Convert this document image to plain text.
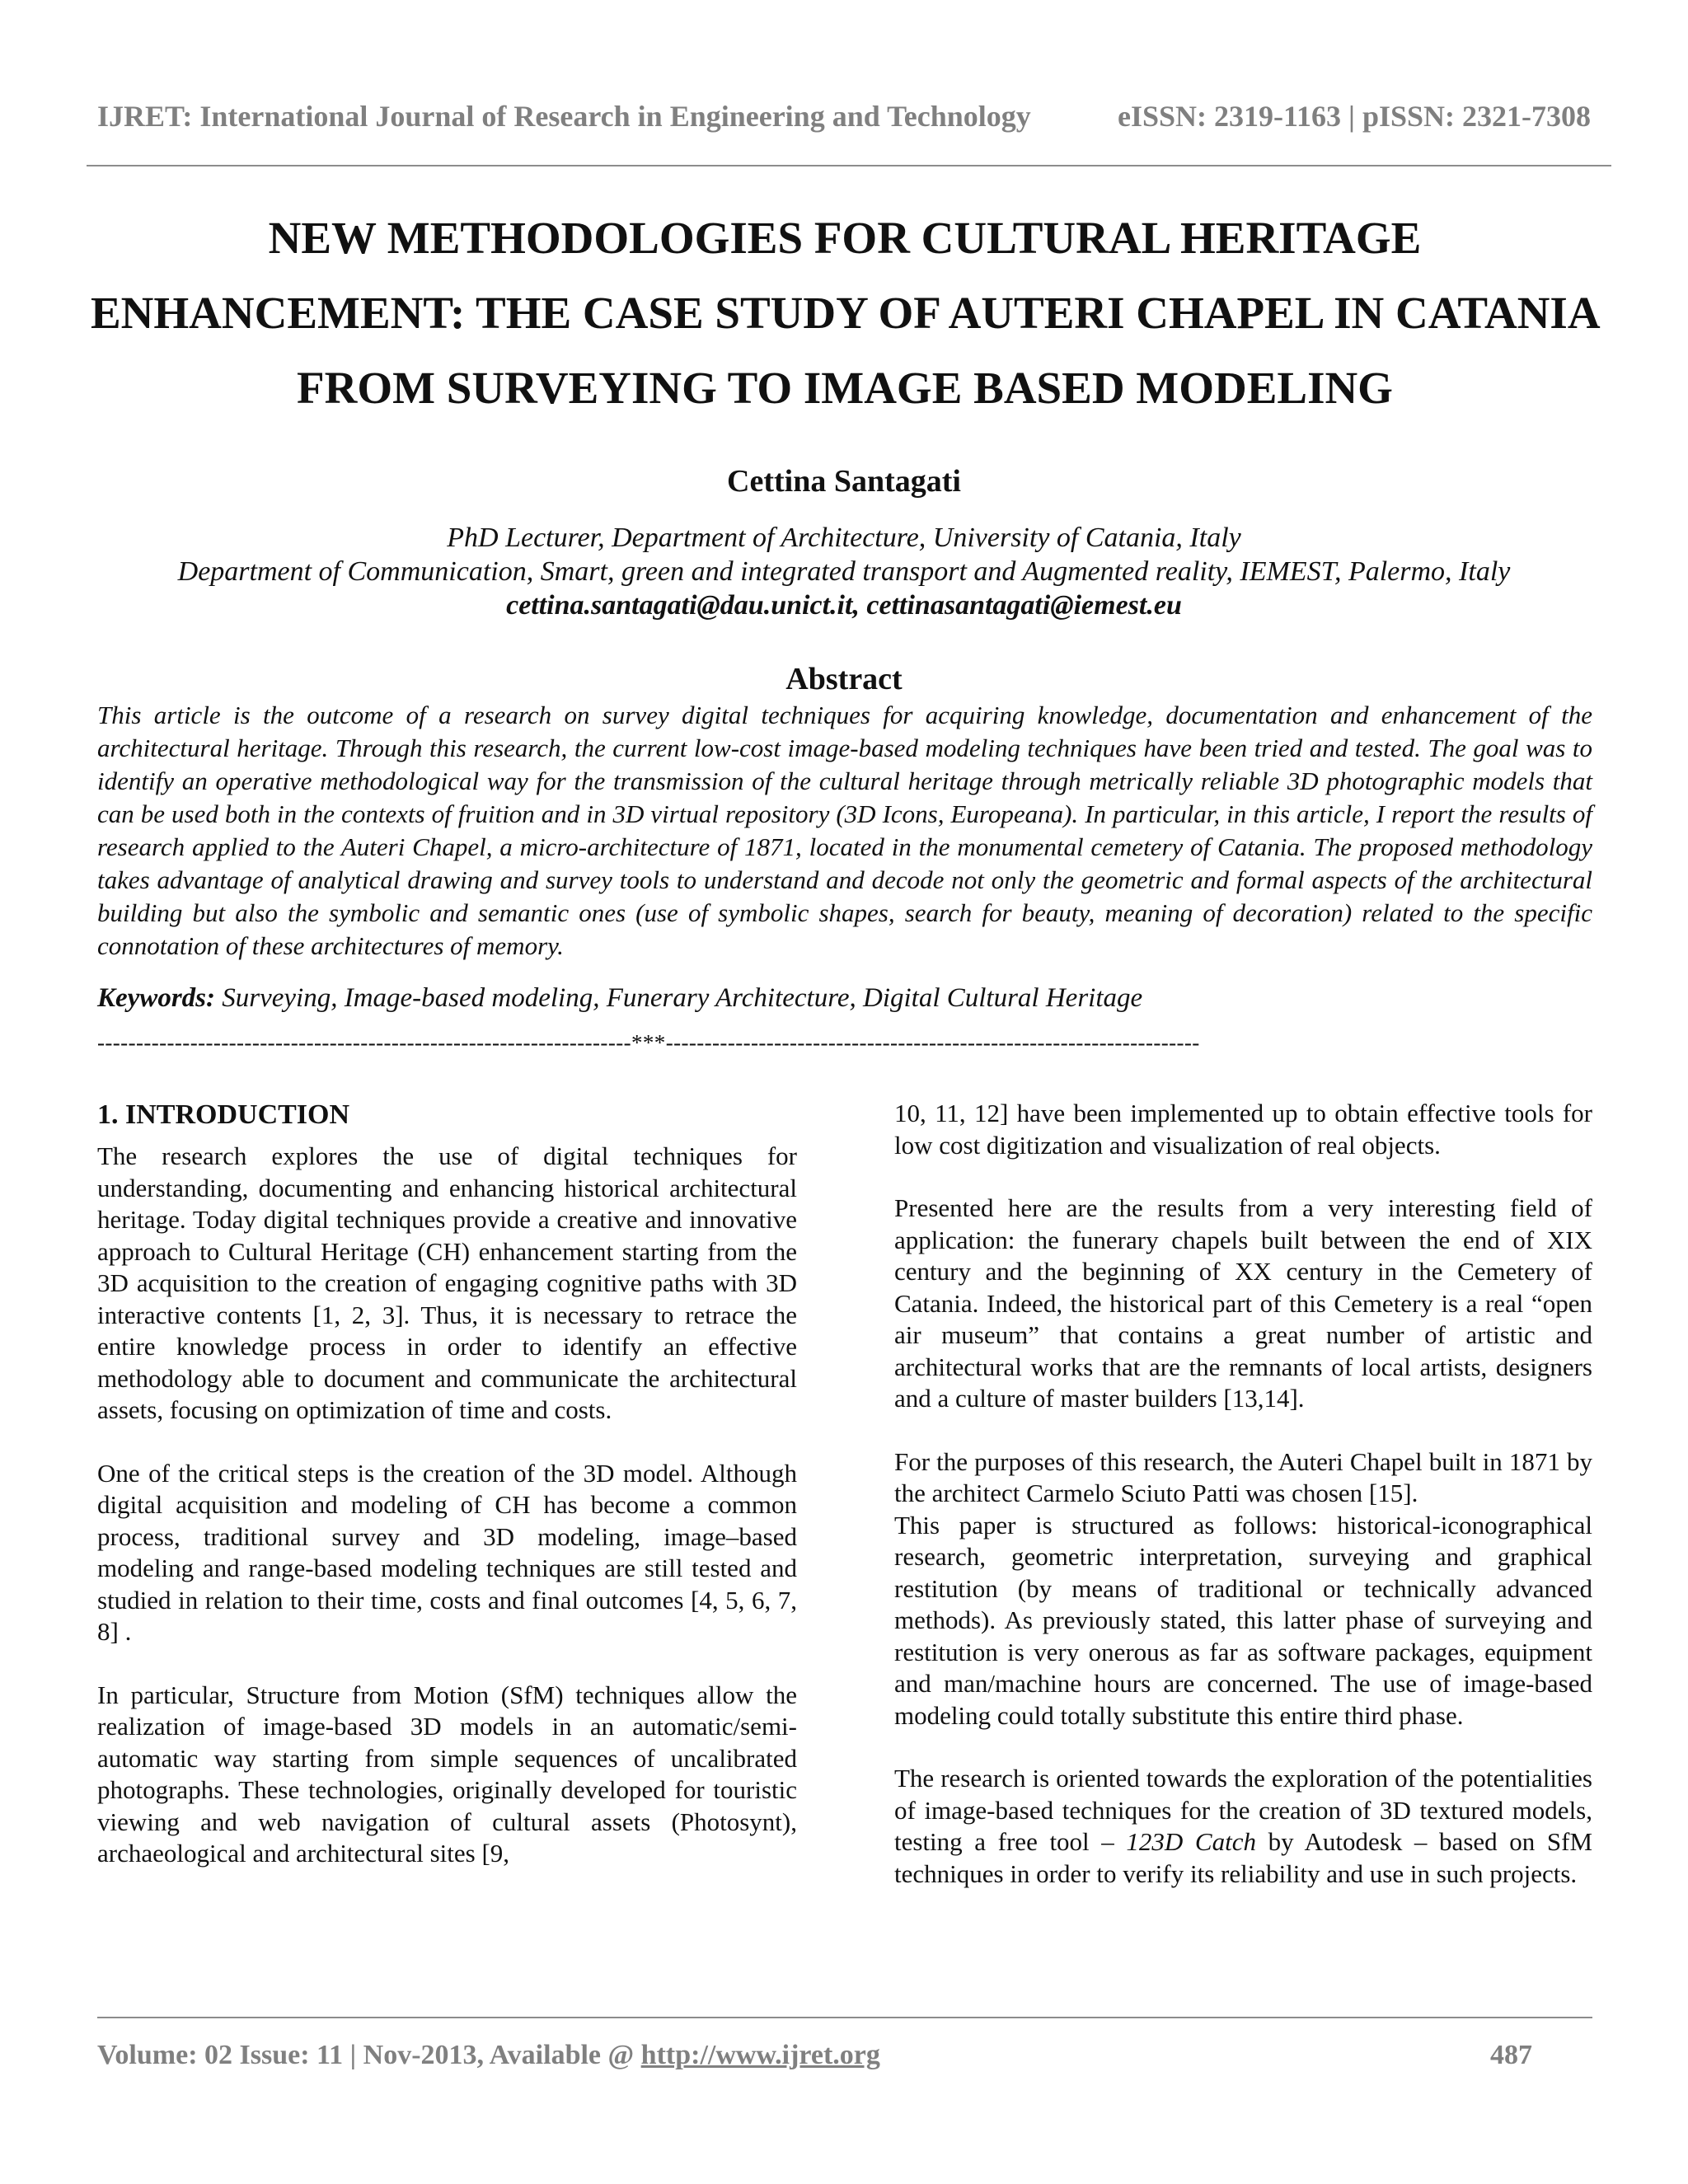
IJRET: International Journal of Research in Engineering and Technology	eISSN: 2319-1163 | pISSN: 2321-7308
NEW METHODOLOGIES FOR CULTURAL HERITAGE
ENHANCEMENT: THE CASE STUDY OF AUTERI CHAPEL IN CATANIA
FROM SURVEYING TO IMAGE BASED MODELING
Cettina Santagati
PhD Lecturer, Department of Architecture, University of Catania, Italy
Department of Communication, Smart, green and integrated transport and Augmented reality, IEMEST, Palermo, Italy
cettina.santagati@dau.unict.it, cettinasantagati@iemest.eu
Abstract
This article is the outcome of a research on survey digital techniques for acquiring knowledge, documentation and enhancement of the architectural heritage. Through this research, the current low-cost image-based modeling techniques have been tried and tested. The goal was to identify an operative methodological way for the transmission of the cultural heritage through metrically reliable 3D photographic models that can be used both in the contexts of fruition and in 3D virtual repository (3D Icons, Europeana). In particular, in this article, I report the results of research applied to the Auteri Chapel, a micro-architecture of 1871, located in the monumental cemetery of Catania. The proposed methodology takes advantage of analytical drawing and survey tools to understand and decode not only the geometric and formal aspects of the architectural building but also the symbolic and semantic ones (use of symbolic shapes, search for beauty, meaning of decoration) related to the specific connotation of these architectures of memory.
Keywords: Surveying, Image-based modeling, Funerary Architecture, Digital Cultural Heritage
---------------------------------------------------------------------***---------------------------------------------------------------------
1. INTRODUCTION

The research explores the use of digital techniques for understanding, documenting and enhancing historical architectural heritage. Today digital techniques provide a creative and innovative approach to Cultural Heritage (CH) enhancement starting from the 3D acquisition to the creation of engaging cognitive paths with 3D interactive contents [1, 2, 3]. Thus, it is necessary to retrace the entire knowledge process in order to identify an effective methodology able to document and communicate the architectural assets, focusing on optimization of time and costs.

One of the critical steps is the creation of the 3D model. Although digital acquisition and modeling of CH has become a common process, traditional survey and 3D modeling, image–based modeling and range-based modeling techniques are still tested and studied in relation to their time, costs and final outcomes [4, 5, 6, 7, 8] .

In particular, Structure from Motion (SfM) techniques allow the realization of image-based 3D models in an automatic/semi-automatic way starting from simple sequences of uncalibrated photographs. These technologies, originally developed for touristic viewing and web navigation of cultural assets (Photosynt), archaeological and architectural sites [9,

10, 11, 12] have been implemented up to obtain effective tools for low cost digitization and visualization of real objects.

Presented here are the results from a very interesting field of application: the funerary chapels built between the end of XIX century and the beginning of XX century in the Cemetery of Catania. Indeed, the historical part of this Cemetery is a real “open air museum” that contains a great number of artistic and architectural works that are the remnants of local artists, designers and a culture of master builders [13,14].

For the purposes of this research, the Auteri Chapel built in 1871 by the architect Carmelo Sciuto Patti was chosen [15].

This paper is structured as follows: historical-iconographical research, geometric interpretation, surveying and graphical restitution (by means of traditional or technically advanced methods). As previously stated, this latter phase of surveying and restitution is very onerous as far as software packages, equipment and man/machine hours are concerned. The use of image-based modeling could totally substitute this entire third phase.

The research is oriented towards the exploration of the potentialities of image-based techniques for the creation of 3D textured models, testing a free tool – 123D Catch by Autodesk – based on SfM techniques in order to verify its reliability and use in such projects.

Volume: 02 Issue: 11 | Nov-2013, Available @ http://www.ijret.org	487
